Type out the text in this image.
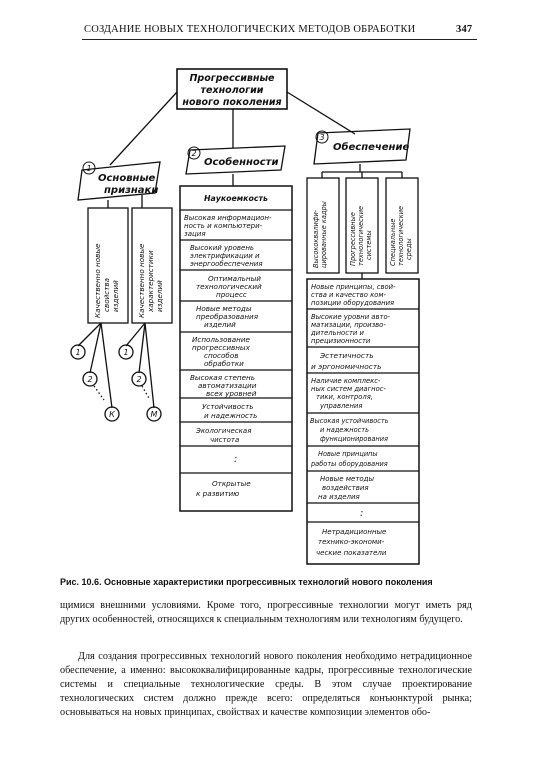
СОЗДАНИЕ НОВЫХ ТЕХНОЛОГИЧЕСКИХ МЕТОДОВ ОБРАБОТКИ	347
Прогрессивные
технологии
нового поколения
1
2
3
Основные
признаки
Особенности
Обеспечение
Качественно новые свойства изделий Качественно новые характеристики изделий
1
2
К
1
2
М
Наукоемкость
Высокая информацион-
ность и компьютери-
зация
Высокий уровень
электрификации и
энергообеспечения
Оптимальный
технологический
процесс
Новые методы
преобразования
изделий
Использование
прогрессивных
способов
обработки
Высокая степень
автоматизации
всех уровней
Устойчивость
и надежность
Экологическая
чистота
:
Открытые
к развитию
Высококвалифи- цированные кадры	Прогрессивные технологические системы Специальные технологические среды
Новые принципы, свой-
ства и качество ком-
позиции оборудования
Высокие уровни авто-
матизации, произво-
дительности и
прецизионности
Эстетичность
и эргономичность
Наличие комплекс-
ных систем диагнос-
тики, контроля,
управления
Высокая устойчивость
и надежность
функционирования
Новые принципы
работы оборудования
Новые методы
воздействия
на изделия
:
Нетрадиционные
технико-экономи-
ческие показатели
Рис. 10.6. Основные характеристики прогрессивных технологий нового поколения
щимися внешними условиями. Кроме того, прогрессивные технологии могут иметь ряд других особенностей, относящихся к специальным технологиям или технологиям будущего.
Для создания прогрессивных технологий нового поколения необходимо нетрадиционное обеспечение, а именно: высококвалифицированные кадры, прогрессивные технологические системы и специальные технологические среды. В этом случае проектирование технологических систем должно прежде всего: определяться конъюнктурой рынка; основываться на новых принципах, свойствах и качестве композиции элементов обо-
